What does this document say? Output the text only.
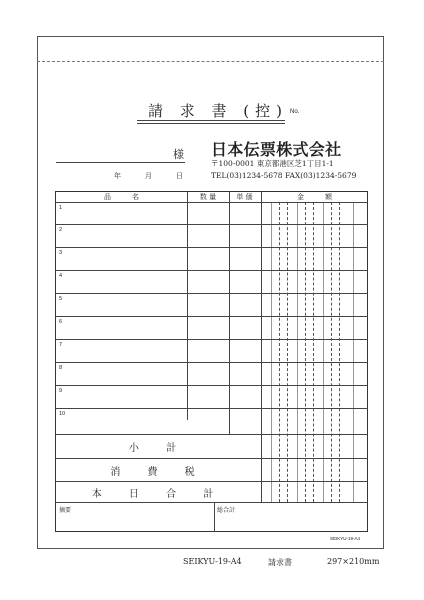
請 求 書 (控) No.
様
年	月	日
日本伝票株式会社
〒100-0001 東京都港区芝1丁目1-1
TEL(03)1234-5678 FAX(03)1234-5679
品　　　名	数 量	単 価	金　　　額
1
2
3
4
5
6
7
8
9
10
小 計
消 費 税
本 日 合 計
摘要	総合計
SEIKYU-19-A4
SEIKYU-19-A4	請求書	297×210mm
